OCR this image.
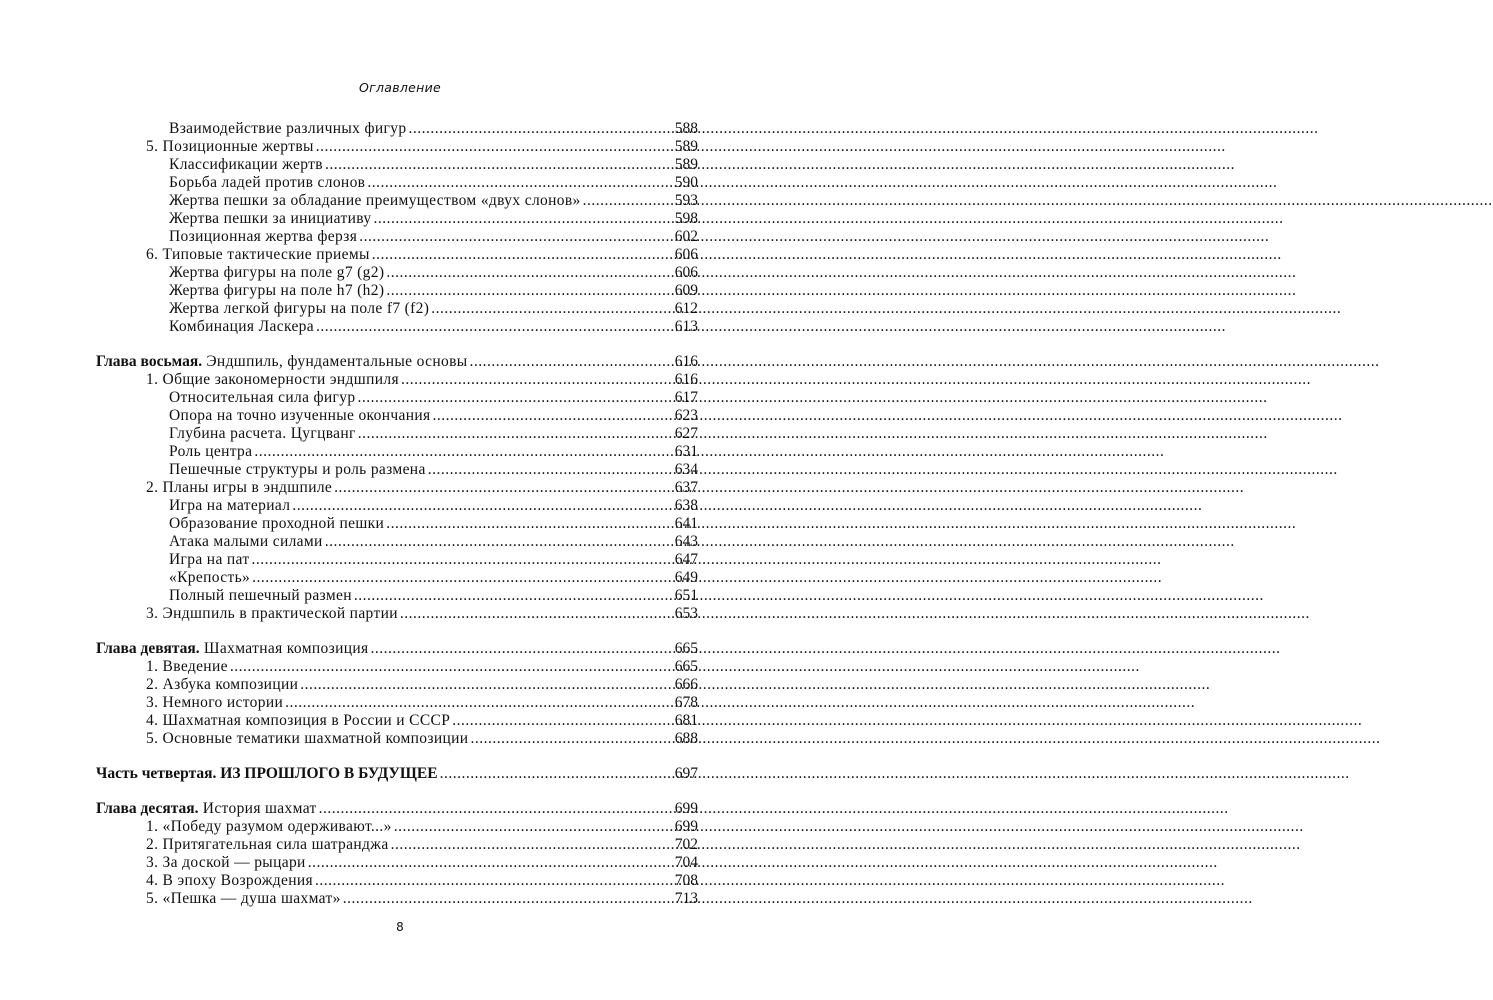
Оглавление
Взаимодействие различных фигур .....	588
5. Позиционные жертвы .....	589
Классификации жертв .....	589
Борьба ладей против слонов .....	590
Жертва пешки за обладание преимуществом «двух слонов» .....	593
Жертва пешки за инициативу .....	598
Позиционная жертва ферзя .....	602
6. Типовые тактические приемы .....	606
Жертва фигуры на поле g7 (g2) .....	606
Жертва фигуры на поле h7 (h2) .....	609
Жертва легкой фигуры на поле f7 (f2) .....	612
Комбинация Ласкера .....	613
Глава восьмая. Эндшпиль, фундаментальные основы .....	616
1. Общие закономерности эндшпиля .....	616
Относительная сила фигур .....	617
Опора на точно изученные окончания .....	623
Глубина расчета. Цугцванг .....	627
Роль центра .....	631
Пешечные структуры и роль размена .....	634
2. Планы игры в эндшпиле .....	637
Игра на материал .....	638
Образование проходной пешки .....	641
Атака малыми силами .....	643
Игра на пат .....	647
«Крепость» .....	649
Полный пешечный размен .....	651
3. Эндшпиль в практической партии .....	653
Глава девятая. Шахматная композиция .....	665
1. Введение .....	665
2. Азбука композиции .....	666
3. Немного истории .....	678
4. Шахматная композиция в России и СССР .....	681
5. Основные тематики шахматной композиции .....	688
Часть четвертая. ИЗ ПРОШЛОГО В БУДУЩЕЕ .....	697
Глава десятая. История шахмат .....	699
1. «Победу разумом одерживают...» .....	699
2. Притягательная сила шатранджа .....	702
3. За доской — рыцари .....	704
4. В эпоху Возрождения .....	708
5. «Пешка — душа шахмат» .....	713
8
